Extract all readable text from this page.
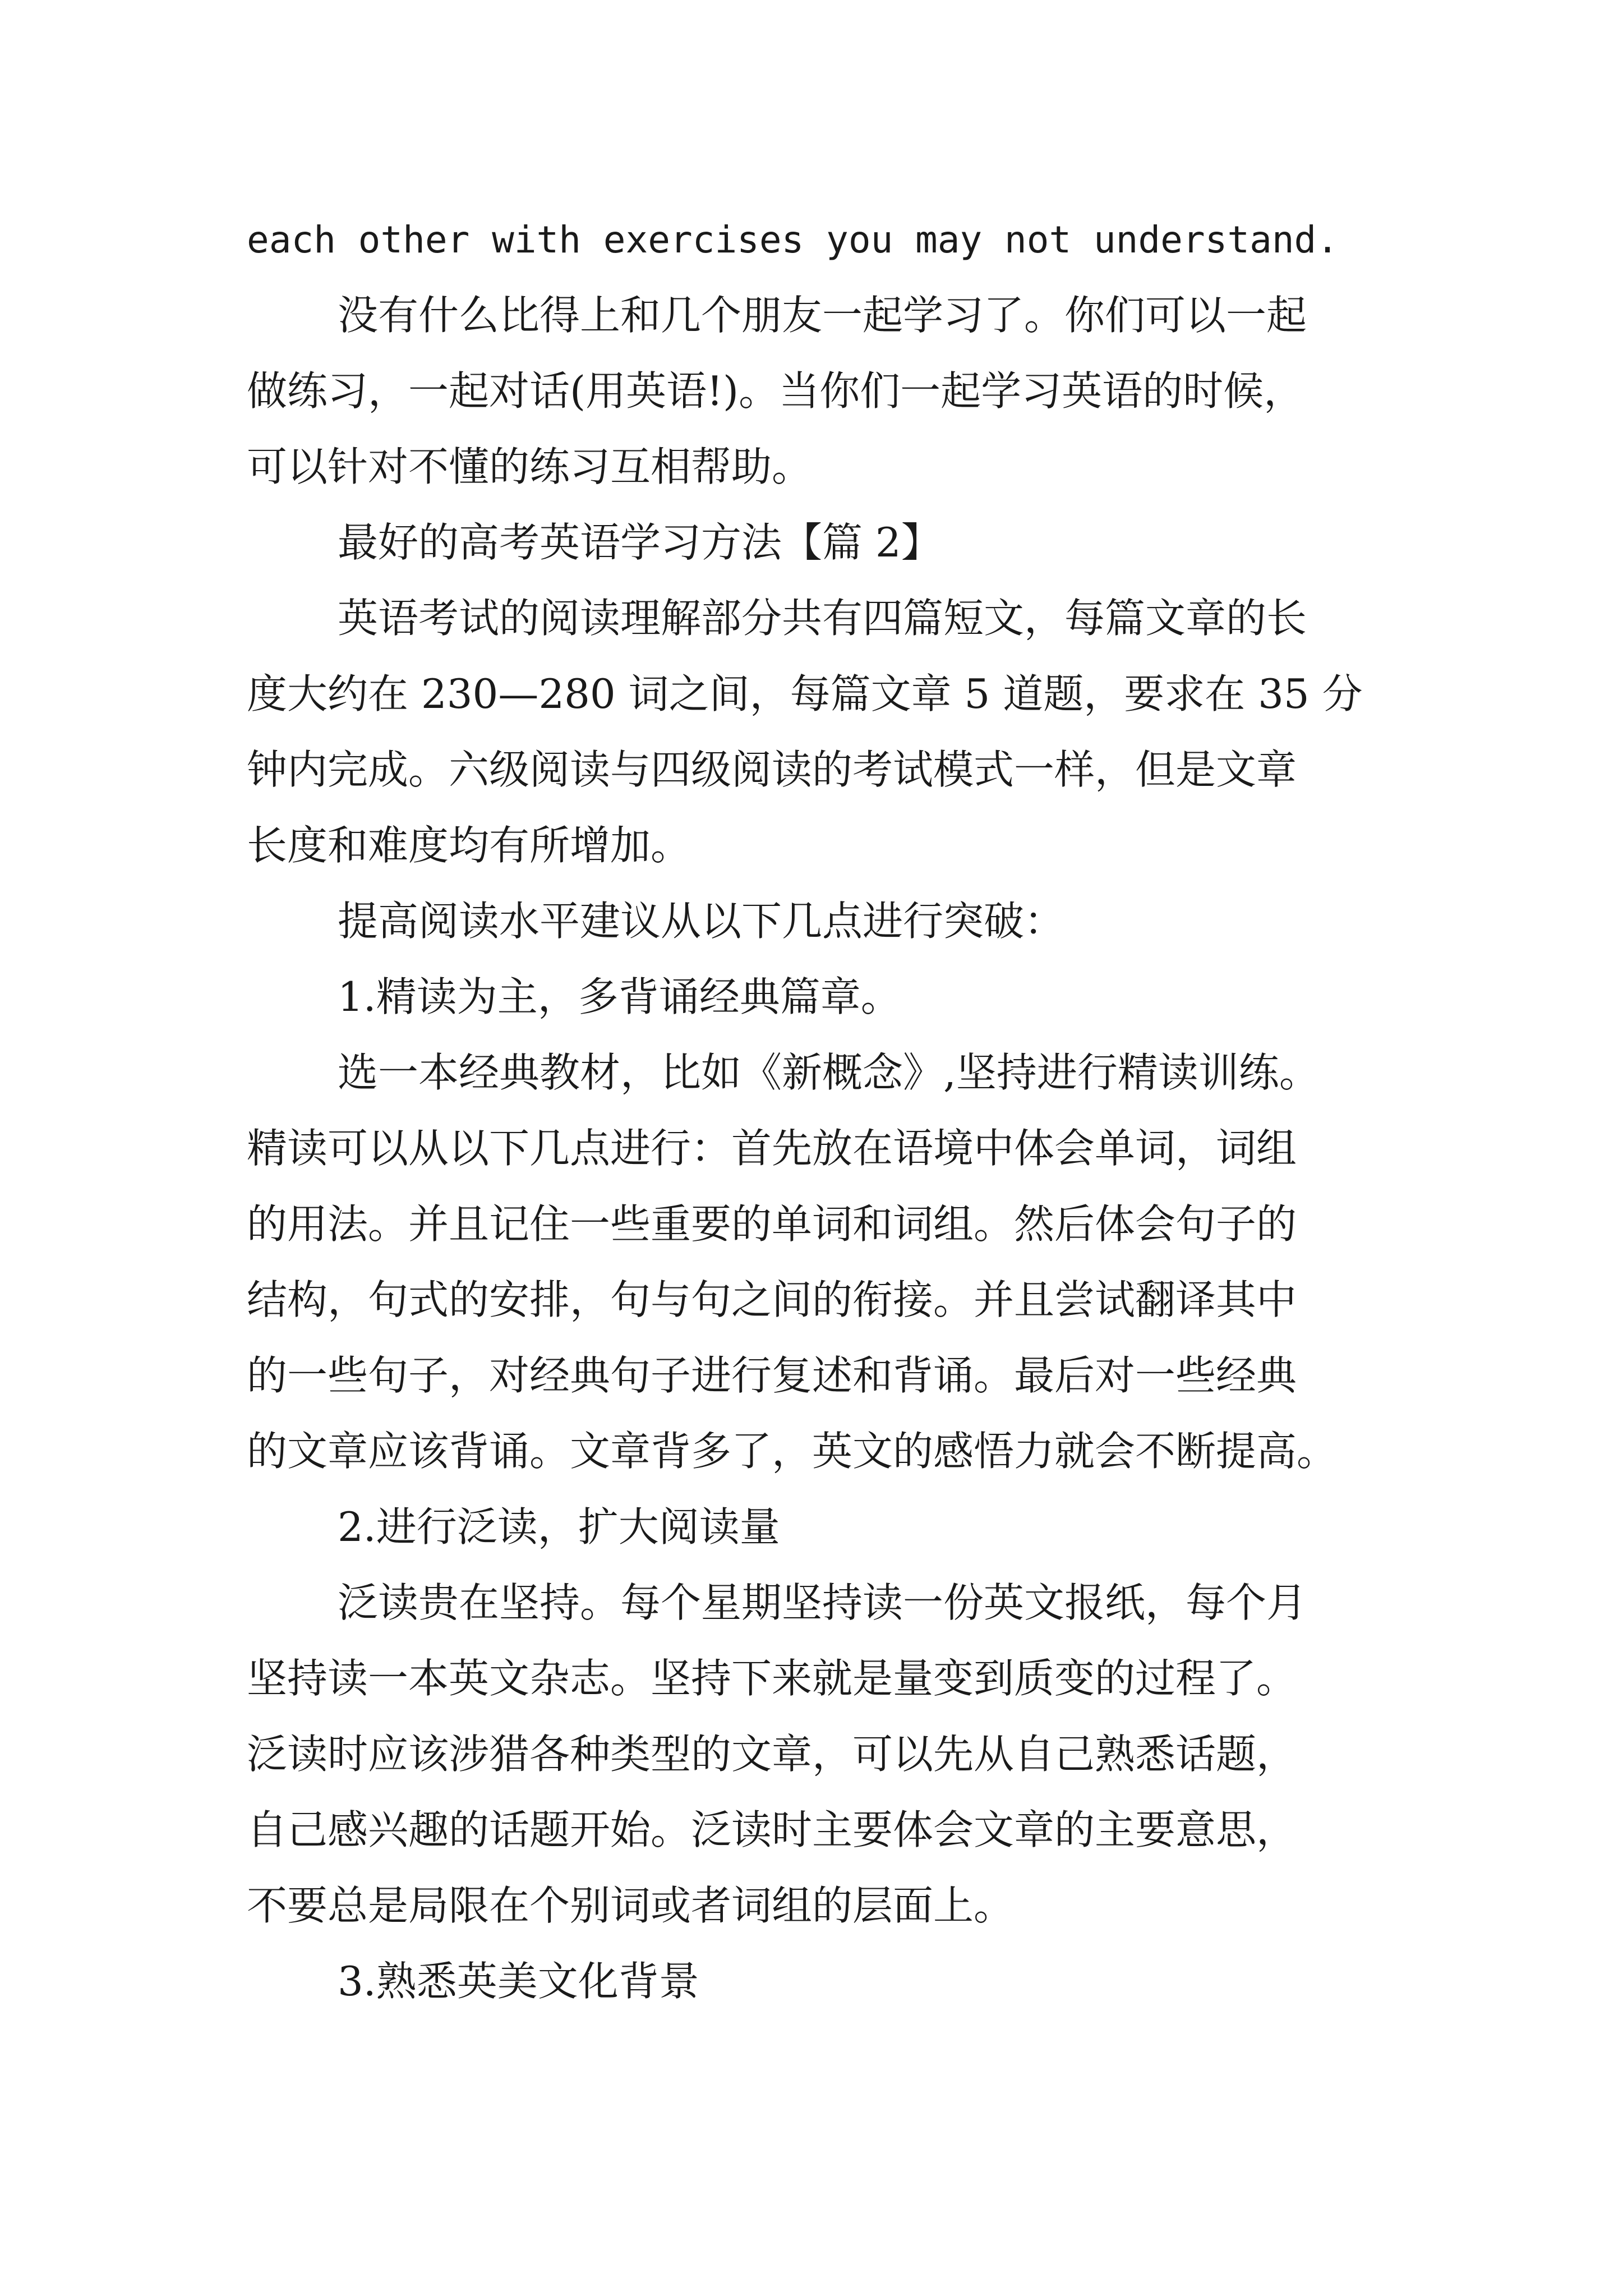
each other with exercises you may not understand.
没有什么比得上和几个朋友一起学习了。你们可以一起
做练习，一起对话(用英语!)。当你们一起学习英语的时候，
可以针对不懂的练习互相帮助。
最好的高考英语学习方法【篇 2】
英语考试的阅读理解部分共有四篇短文，每篇文章的长
度大约在 230—280 词之间，每篇文章 5 道题，要求在 35 分
钟内完成。六级阅读与四级阅读的考试模式一样，但是文章
长度和难度均有所增加。
提高阅读水平建议从以下几点进行突破：
1.精读为主，多背诵经典篇章。
选一本经典教材，比如《新概念》,坚持进行精读训练。
精读可以从以下几点进行：首先放在语境中体会单词，词组
的用法。并且记住一些重要的单词和词组。然后体会句子的
结构，句式的安排，句与句之间的衔接。并且尝试翻译其中
的一些句子，对经典句子进行复述和背诵。最后对一些经典
的文章应该背诵。文章背多了，英文的感悟力就会不断提高。
2.进行泛读，扩大阅读量
泛读贵在坚持。每个星期坚持读一份英文报纸，每个月
坚持读一本英文杂志。坚持下来就是量变到质变的过程了。
泛读时应该涉猎各种类型的文章，可以先从自己熟悉话题，
自己感兴趣的话题开始。泛读时主要体会文章的主要意思，
不要总是局限在个别词或者词组的层面上。
3.熟悉英美文化背景
